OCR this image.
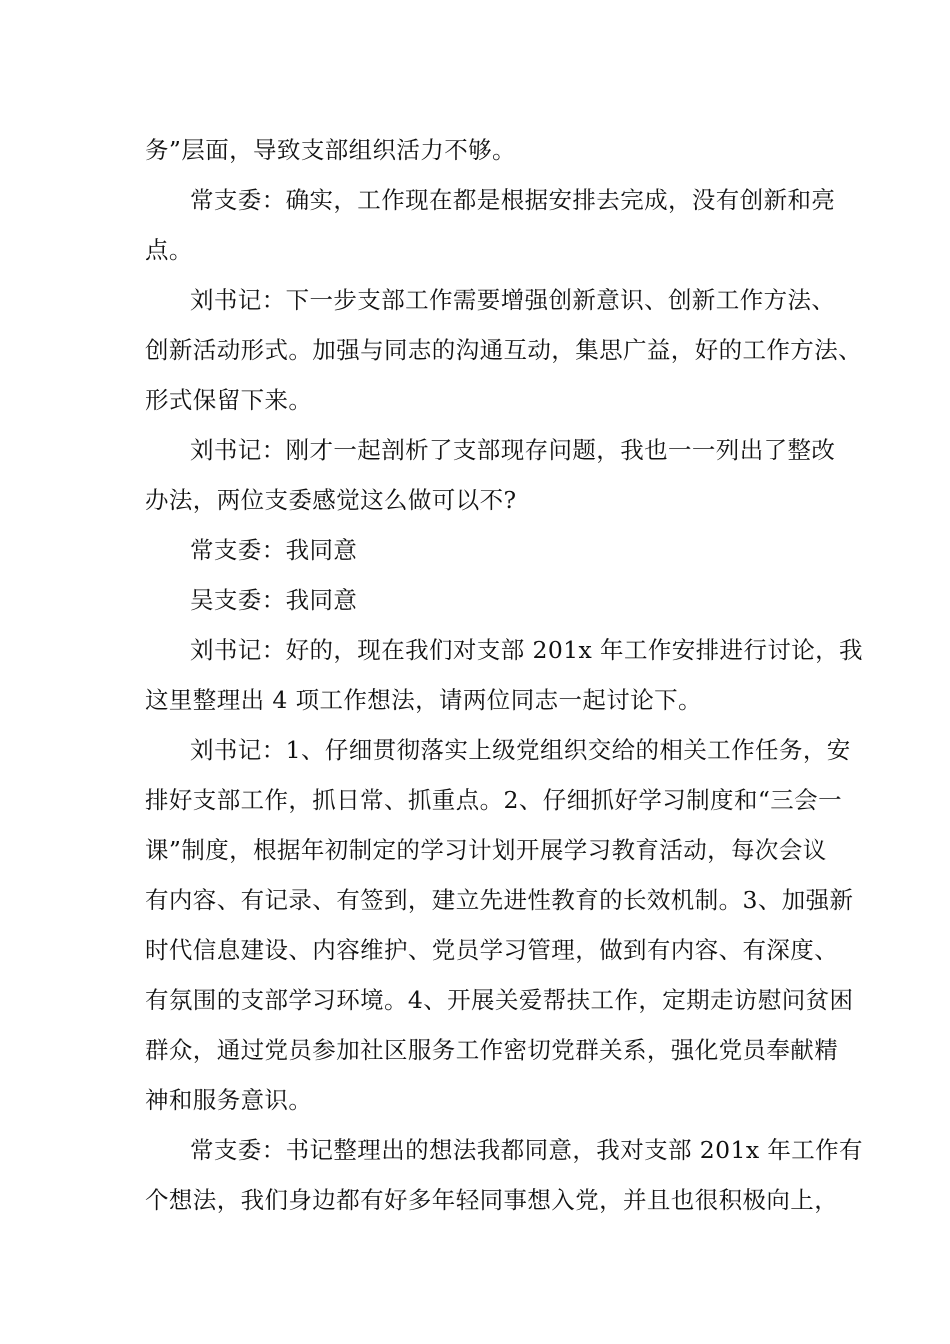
务”层面，导致支部组织活力不够。
常支委：确实，工作现在都是根据安排去完成，没有创新和亮
点。
刘书记：下一步支部工作需要增强创新意识、创新工作方法、
创新活动形式。加强与同志的沟通互动，集思广益，好的工作方法、
形式保留下来。
刘书记：刚才一起剖析了支部现存问题，我也一一列出了整改
办法，两位支委感觉这么做可以不?
常支委：我同意
吴支委：我同意
刘书记：好的，现在我们对支部 201x 年工作安排进行讨论，我
这里整理出 4 项工作想法，请两位同志一起讨论下。
刘书记：1、仔细贯彻落实上级党组织交给的相关工作任务，安
排好支部工作，抓日常、抓重点。2、仔细抓好学习制度和“三会一
课”制度，根据年初制定的学习计划开展学习教育活动，每次会议
有内容、有记录、有签到，建立先进性教育的长效机制。3、加强新
时代信息建设、内容维护、党员学习管理，做到有内容、有深度、
有氛围的支部学习环境。4、开展关爱帮扶工作，定期走访慰问贫困
群众，通过党员参加社区服务工作密切党群关系，强化党员奉献精
神和服务意识。
常支委：书记整理出的想法我都同意，我对支部 201x 年工作有
个想法，我们身边都有好多年轻同事想入党，并且也很积极向上，
